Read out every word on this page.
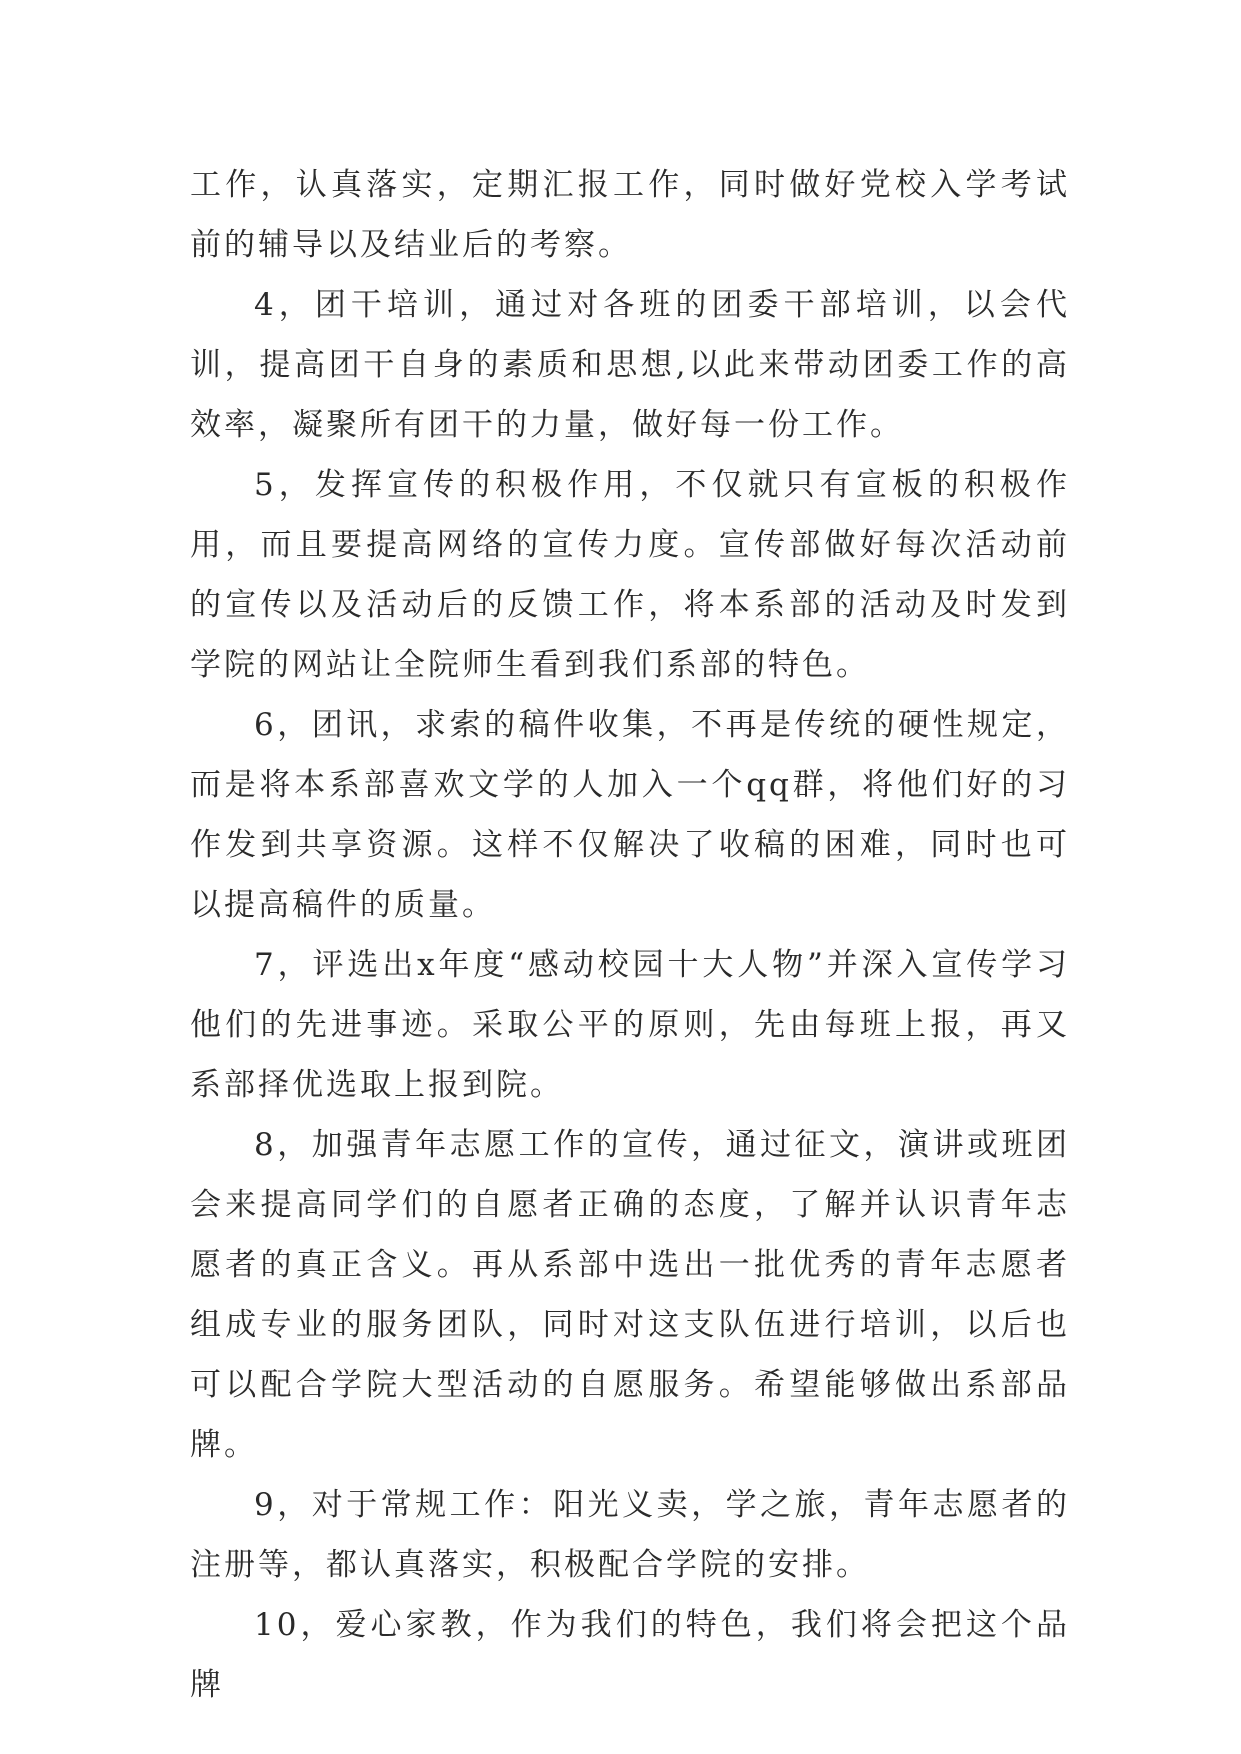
工作，认真落实，定期汇报工作，同时做好党校入学考试前的辅导以及结业后的考察。

4，团干培训，通过对各班的团委干部培训，以会代训，提高团干自身的素质和思想,以此来带动团委工作的高效率，凝聚所有团干的力量，做好每一份工作。

5，发挥宣传的积极作用，不仅就只有宣板的积极作用，而且要提高网络的宣传力度。宣传部做好每次活动前的宣传以及活动后的反馈工作，将本系部的活动及时发到学院的网站让全院师生看到我们系部的特色。

6，团讯，求索的稿件收集，不再是传统的硬性规定，而是将本系部喜欢文学的人加入一个qq群，将他们好的习作发到共享资源。这样不仅解决了收稿的困难，同时也可以提高稿件的质量。

7，评选出x年度“感动校园十大人物”并深入宣传学习他们的先进事迹。采取公平的原则，先由每班上报，再又系部择优选取上报到院。

8，加强青年志愿工作的宣传，通过征文，演讲或班团会来提高同学们的自愿者正确的态度，了解并认识青年志愿者的真正含义。再从系部中选出一批优秀的青年志愿者组成专业的服务团队，同时对这支队伍进行培训，以后也可以配合学院大型活动的自愿服务。希望能够做出系部品牌。

9，对于常规工作：阳光义卖，学之旅，青年志愿者的注册等，都认真落实，积极配合学院的安排。

10，爱心家教，作为我们的特色，我们将会把这个品牌
